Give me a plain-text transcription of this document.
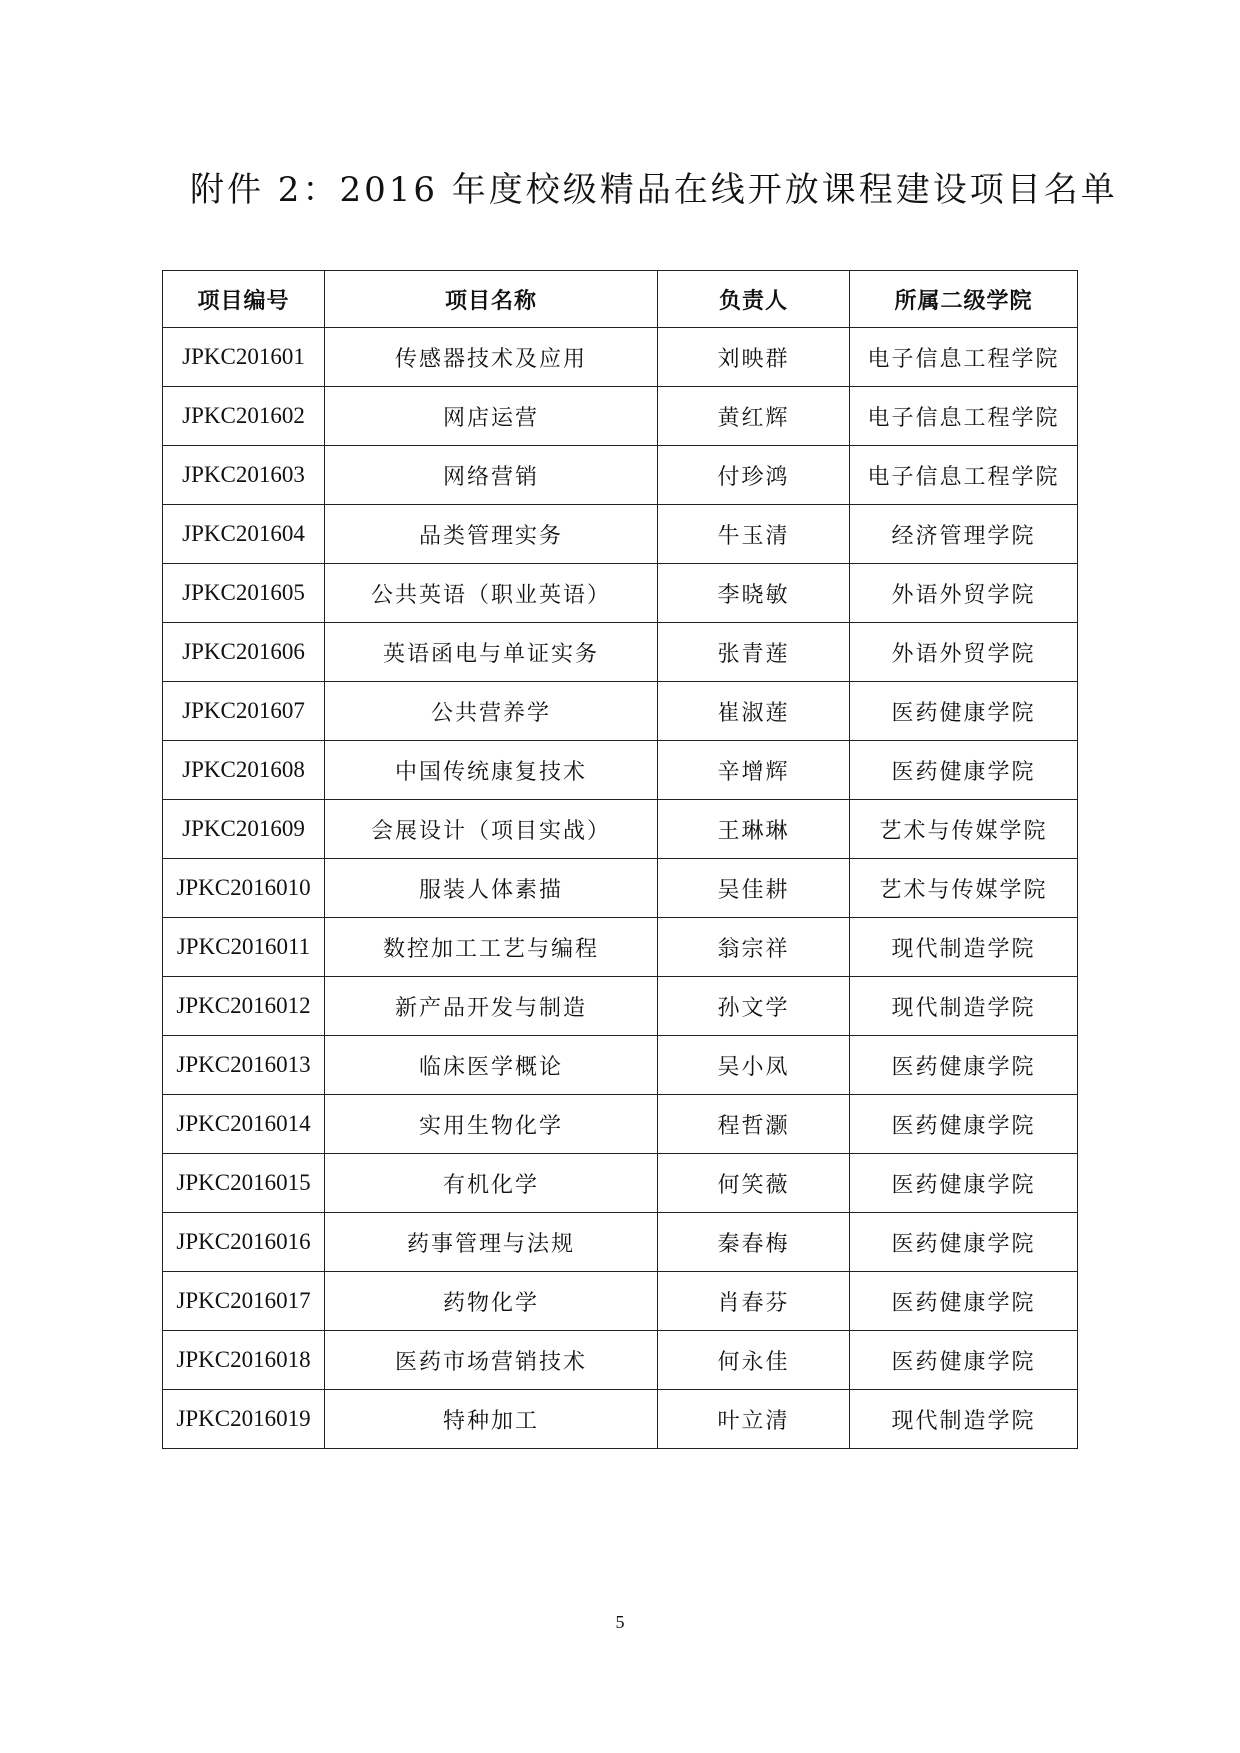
附件 2：2016 年度校级精品在线开放课程建设项目名单
项目编号	项目名称	负责人	所属二级学院
JPKC201601	传感器技术及应用	刘映群	电子信息工程学院
JPKC201602	网店运营	黄红辉	电子信息工程学院
JPKC201603	网络营销	付珍鸿	电子信息工程学院
JPKC201604	品类管理实务	牛玉清	经济管理学院
JPKC201605	公共英语（职业英语）	李晓敏	外语外贸学院
JPKC201606	英语函电与单证实务	张青莲	外语外贸学院
JPKC201607	公共营养学	崔淑莲	医药健康学院
JPKC201608	中国传统康复技术	辛增辉	医药健康学院
JPKC201609	会展设计（项目实战）	王琳琳	艺术与传媒学院
JPKC2016010	服装人体素描	吴佳耕	艺术与传媒学院
JPKC2016011	数控加工工艺与编程	翁宗祥	现代制造学院
JPKC2016012	新产品开发与制造	孙文学	现代制造学院
JPKC2016013	临床医学概论	吴小凤	医药健康学院
JPKC2016014	实用生物化学	程哲灏	医药健康学院
JPKC2016015	有机化学	何笑薇	医药健康学院
JPKC2016016	药事管理与法规	秦春梅	医药健康学院
JPKC2016017	药物化学	肖春芬	医药健康学院
JPKC2016018	医药市场营销技术	何永佳	医药健康学院
JPKC2016019	特种加工	叶立清	现代制造学院
5
